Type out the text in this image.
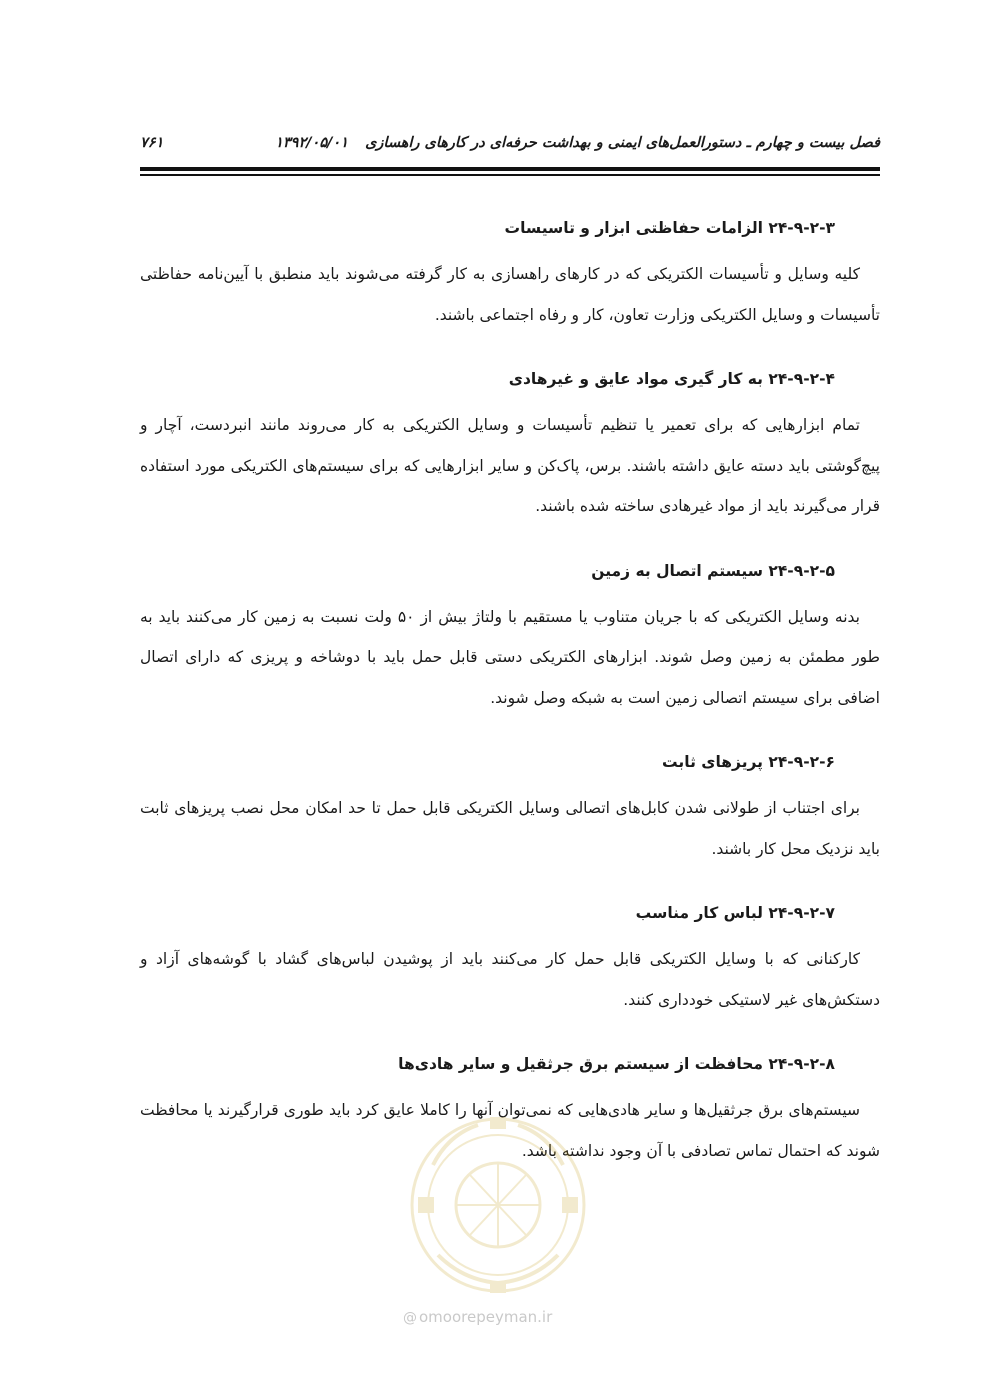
فصل بیست و چهارم ـ دستورالعمل‌های ایمنی و بهداشت حرفه‌ای در کارهای راهسازی ۱۳۹۲/۰۵/۰۱
۷۶۱
۲۴-۹-۲-۳ الزامات حفاظتی ابزار و تاسیسات

کلیه وسایل و تأسیسات الکتریکی که در کارهای راهسازی به کار گرفته می‌شوند باید منطبق با آیین‌نامه حفاظتی تأسیسات و وسایل الکتریکی وزارت تعاون، کار و رفاه اجتماعی باشند.

۲۴-۹-۲-۴ به کار گیری مواد عایق و غیرهادی

تمام ابزارهایی که برای تعمیر یا تنظیم تأسیسات و وسایل الکتریکی به کار می‌روند مانند انبردست، آچار و پیچ‌گوشتی باید دسته عایق داشته باشند. برس، پاک‌کن و سایر ابزارهایی که برای سیستم‌های الکتریکی مورد استفاده قرار می‌گیرند باید از مواد غیرهادی ساخته شده باشند.

۲۴-۹-۲-۵ سیستم اتصال به زمین

بدنه وسایل الکتریکی که با جریان متناوب یا مستقیم با ولتاژ بیش از ۵۰ ولت نسبت به زمین کار می‌کنند باید به طور مطمئن به زمین وصل شوند. ابزارهای الکتریکی دستی قابل حمل باید با دوشاخه و پریزی که دارای اتصال اضافی برای سیستم اتصالی زمین است به شبکه وصل شوند.

۲۴-۹-۲-۶ پریزهای ثابت

برای اجتناب از طولانی شدن کابل‌های اتصالی وسایل الکتریکی قابل حمل تا حد امکان محل نصب پریزهای ثابت باید نزدیک محل کار باشند.

۲۴-۹-۲-۷ لباس کار مناسب

کارکنانی که با وسایل الکتریکی قابل حمل کار می‌کنند باید از پوشیدن لباس‌های گشاد با گوشه‌های آزاد و دستکش‌های غیر لاستیکی خودداری کنند.

۲۴-۹-۲-۸ محافظت از سیستم برق جرثقیل و سایر هادی‌ها

سیستم‌های برق جرثقیل‌ها و سایر هادی‌هایی که نمی‌توان آنها را کاملا عایق کرد باید طوری قرارگیرند یا محافظت شوند که احتمال تماس تصادفی با آن وجود نداشته باشد.

@ omoorepeyman.ir
